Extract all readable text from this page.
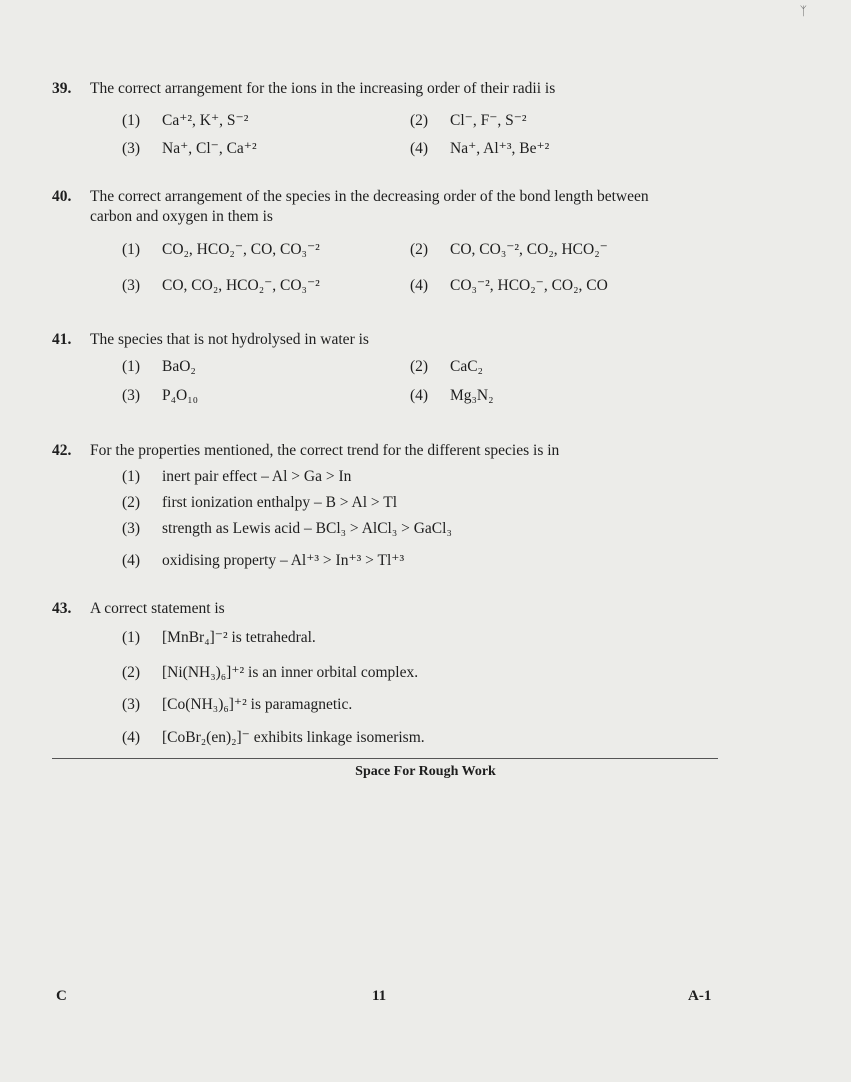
ᛉ
39. The correct arrangement for the ions in the increasing order of their radii is
(1) Ca⁺², K⁺, S⁻²	(2) Cl⁻, F⁻, S⁻²
(3) Na⁺, Cl⁻, Ca⁺²	(4) Na⁺, Al⁺³, Be⁺²
40. The correct arrangement of the species in the decreasing order of the bond length between
carbon and oxygen in them is
(1) CO₂, HCO₂⁻, CO, CO₃⁻²	(2) CO, CO₃⁻², CO₂, HCO₂⁻
(3) CO, CO₂, HCO₂⁻, CO₃⁻²	(4) CO₃⁻², HCO₂⁻, CO₂, CO
41. The species that is not hydrolysed in water is
(1) BaO₂	(2) CaC₂
(3) P₄O₁₀	(4) Mg₃N₂
42. For the properties mentioned, the correct trend for the different species is in
(1) inert pair effect – Al > Ga > In
(2) first ionization enthalpy – B > Al > Tl
(3) strength as Lewis acid – BCl₃ > AlCl₃ > GaCl₃
(4) oxidising property – Al⁺³ > In⁺³ > Tl⁺³
43. A correct statement is
(1) [MnBr₄]⁻² is tetrahedral.
(2) [Ni(NH₃)₆]⁺² is an inner orbital complex.
(3) [Co(NH₃)₆]⁺² is paramagnetic.
(4) [CoBr₂(en)₂]⁻ exhibits linkage isomerism.
Space For Rough Work
C	11	A-1
